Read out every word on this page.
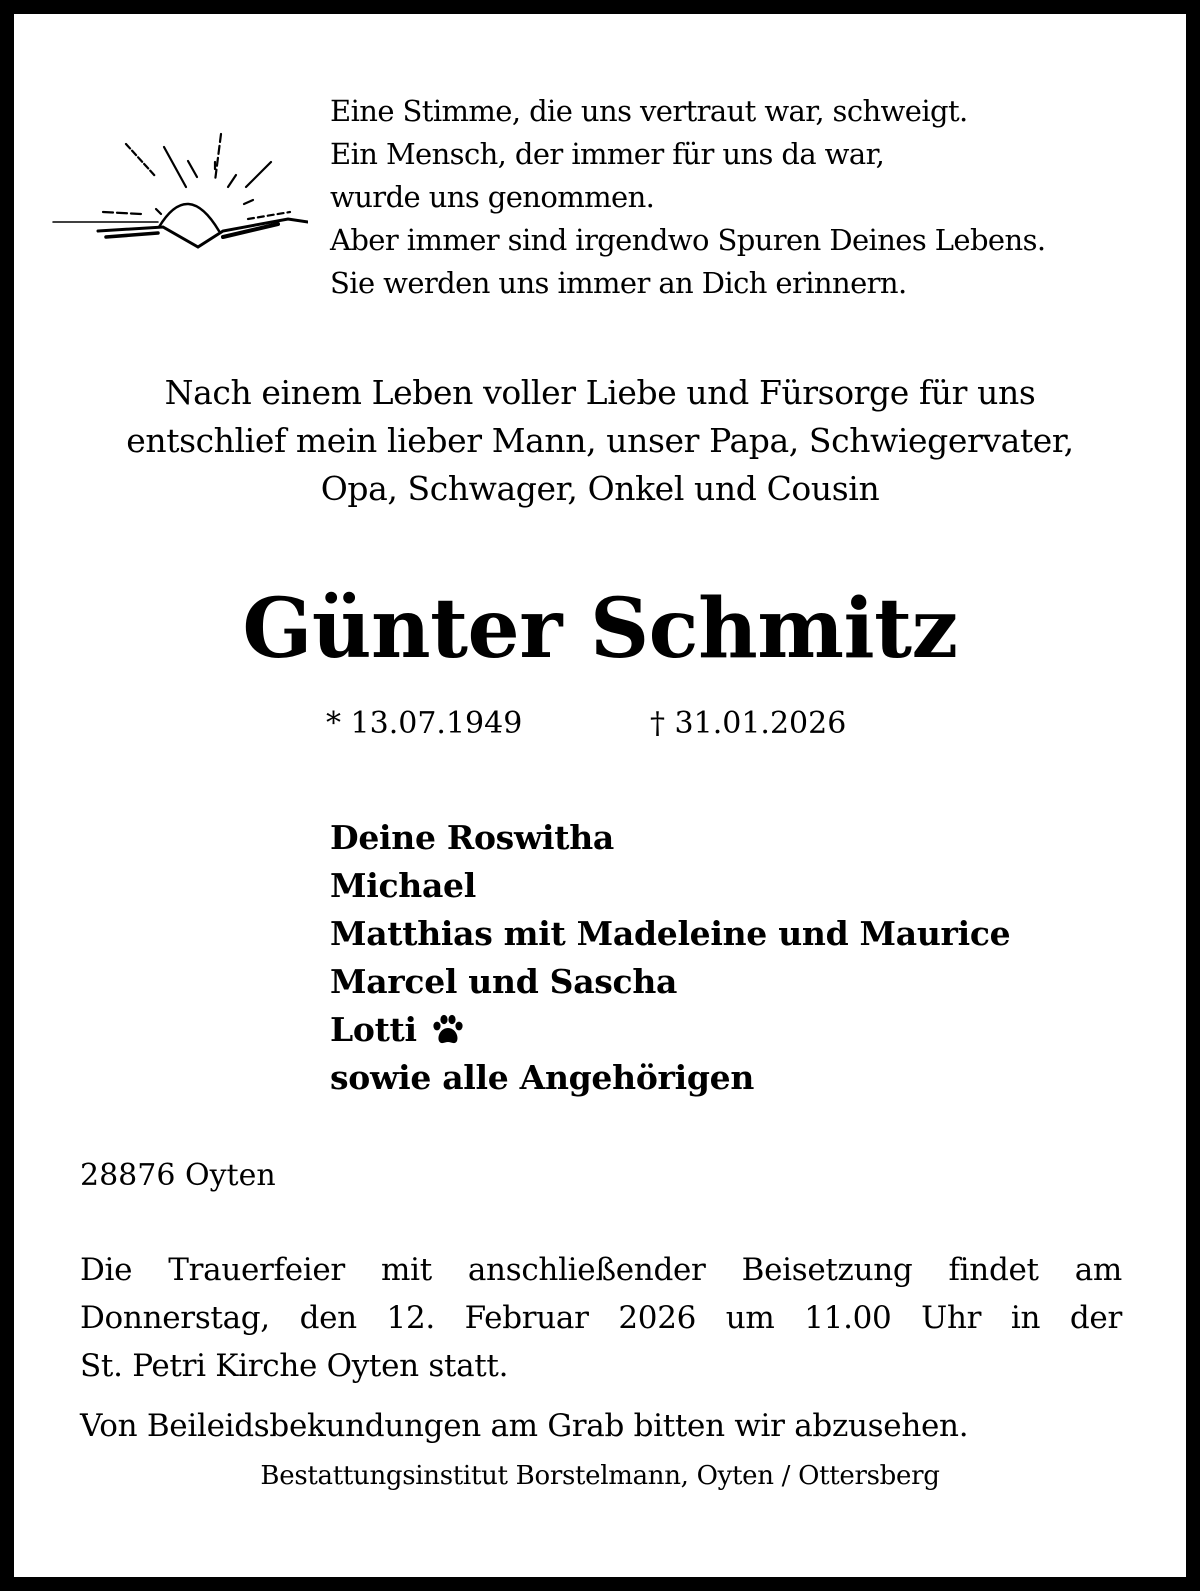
Eine Stimme, die uns vertraut war, schweigt.
Ein Mensch, der immer für uns da war,
wurde uns genommen.
Aber immer sind irgendwo Spuren Deines Lebens.
Sie werden uns immer an Dich erinnern.
Nach einem Leben voller Liebe und Fürsorge für uns
entschlief mein lieber Mann, unser Papa, Schwiegervater,
Opa, Schwager, Onkel und Cousin
Günter Schmitz
* 13.07.1949	† 31.01.2026
Deine Roswitha
Michael
Matthias mit Madeleine und Maurice
Marcel und Sascha
Lotti
sowie alle Angehörigen
28876 Oyten
Die Trauerfeier mit anschließender Beisetzung findet am
Donnerstag, den 12. Februar 2026 um 11.00 Uhr in der
St. Petri Kirche Oyten statt.
Von Beileidsbekundungen am Grab bitten wir abzusehen.
Bestattungsinstitut Borstelmann, Oyten / Ottersberg
